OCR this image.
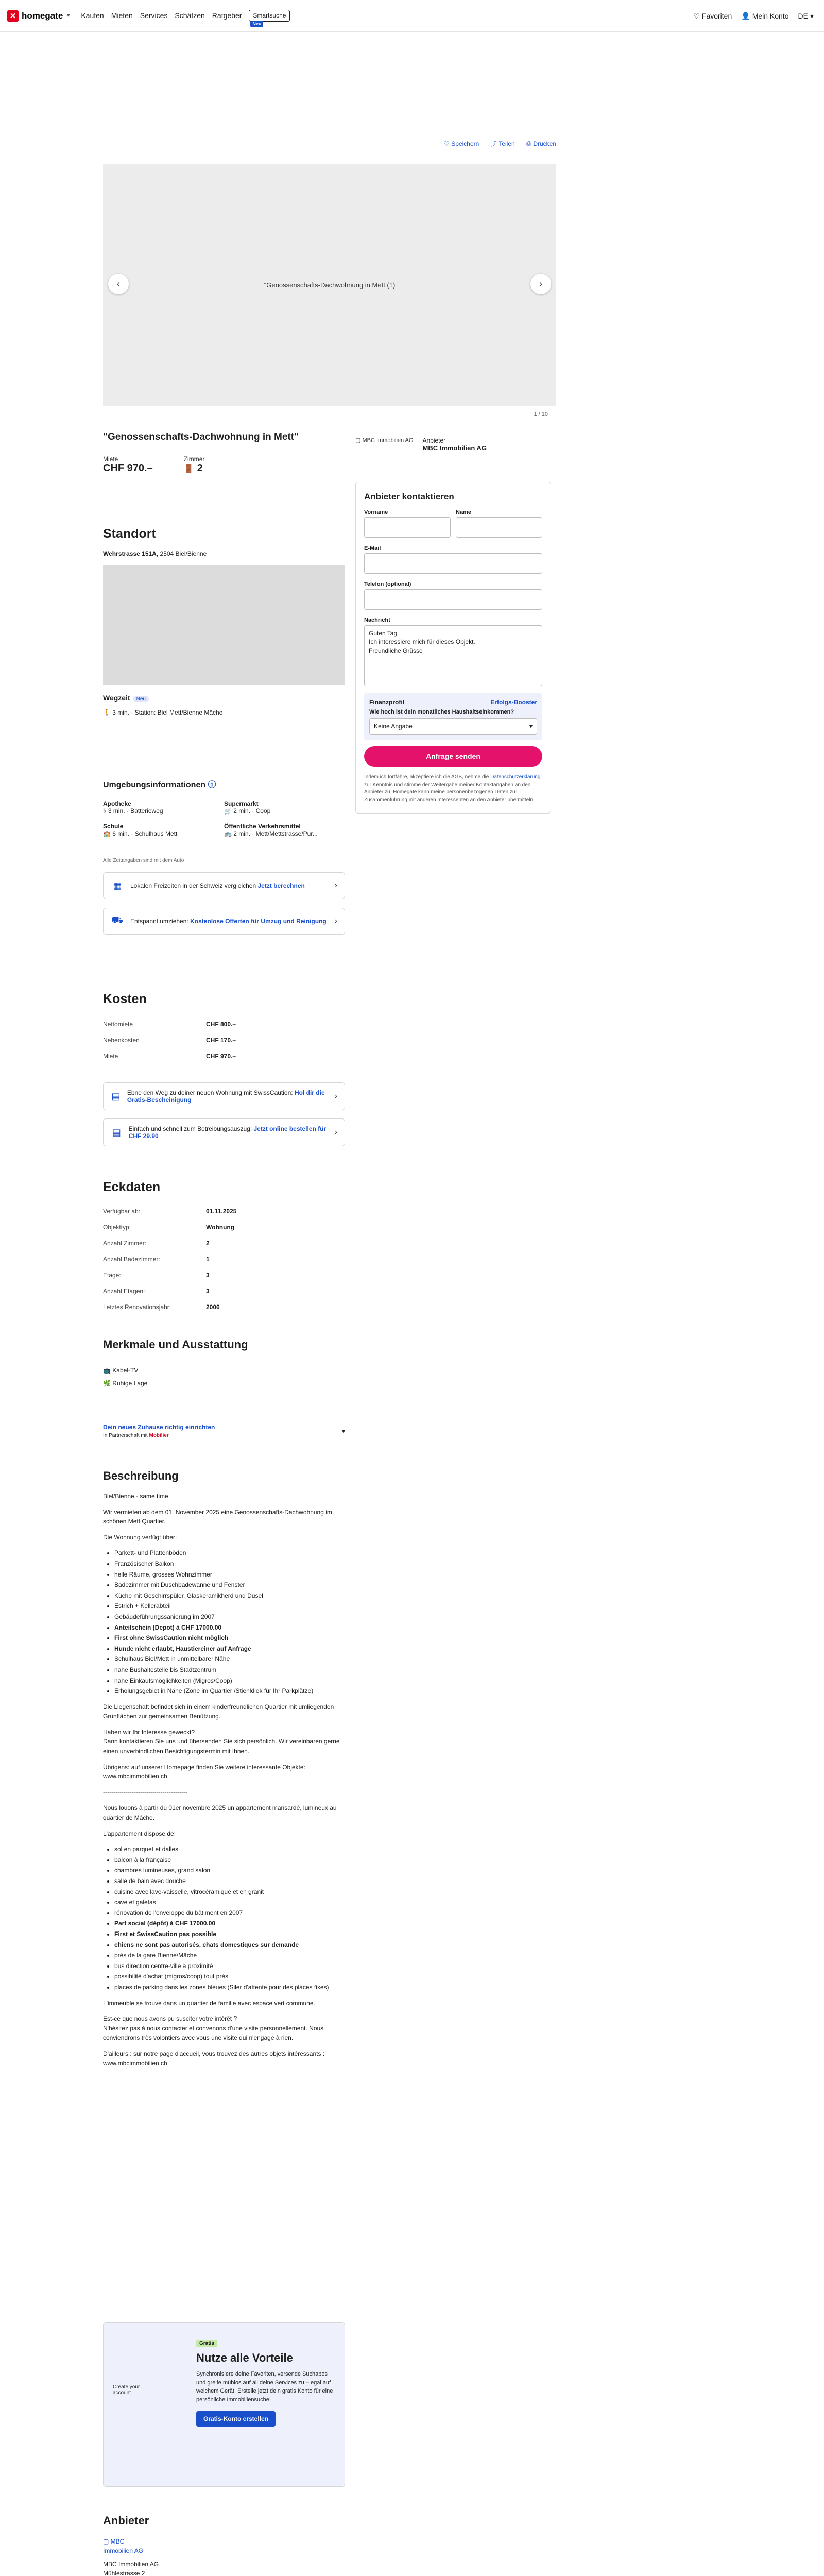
✕ homegate ▾ Kaufen Mieten Services Schätzen Ratgeber	Smartsuche
Neu
♡ Favoriten 👤 Mein Konto DE ▾
♡ Speichern ⤴ Teilen ⎙ Drucken
"Genossenschafts-Dachwohnung in Mett (1)
‹	›
1 / 10
"Genossenschafts-Dachwohnung in Mett"
Miete
CHF 970.–
Zimmer
🚪 2
▢ MBC Immobilien AG Anbieter
MBC Immobilien AG
Anbieter kontaktieren
Vorname	Name
E-Mail
Telefon (optional)
Nachricht
Guten Tag
Ich interessiere mich für dieses Objekt.
Freundliche Grüsse
Finanzprofil	Erfolgs-Booster
Wie hoch ist dein monatliches Haushaltseinkommen?
Keine Angabe	▾
Anfrage senden

Indem ich fortfahre, akzeptiere ich die AGB, nehme die Datenschutzerklärung zur Kenntnis und stimme der Weitergabe meiner Kontaktangaben an den Anbieter zu. Homegate kann meine personenbezogenen Daten zur Zusammenführung mit anderen Interessenten an den Anbieter übermitteln.

Standort
Wehrstrasse 151A, 2504 Biel/Bienne
Wegzeit Neu
🚶 3 min. · Station: Biel Mett/Bienne Mâche
Umgebungsinformationen ⓘ
Apotheke
⚕ 3 min. · Batterieweg
Supermarkt
🛒 2 min. · Coop
Schule
🏫 6 min. · Schulhaus Mett
Öffentliche Verkehrsmittel
🚌 2 min. · Mett/Mettstrasse/Pur...
Alle Zeitangaben sind mit dem Auto
▦	Lokalen Freizeiten in der Schweiz vergleichen Jetzt berechnen	›
⛟ Entspannt umziehen: Kostenlose Offerten für Umzug und Reinigung ›
Kosten
Nettomiete	CHF 800.–
Nebenkosten	CHF 170.–
Miete	CHF 970.–
▤ Ebne den Weg zu deiner neuen Wohnung mit SwissCaution: Hol dir die Gratis-Bescheinigung	›
▤ Einfach und schnell zum Betreibungsauszug: Jetzt online bestellen für CHF 29.90	›
Eckdaten
Verfügbar ab:	01.11.2025
Objekttyp:	Wohnung
Anzahl Zimmer:	2
Anzahl Badezimmer:	1
Etage:	3
Anzahl Etagen:	3
Letztes Renovationsjahr:	2006
Merkmale und Ausstattung
📺 Kabel-TV
🌿 Ruhige Lage
Dein neues Zuhause richtig einrichten
In Partnerschaft mit Mobilier
▾
Beschreibung

Biel/Bienne - same time

Wir vermieten ab dem 01. November 2025 eine Genossenschafts-Dachwohnung im schönen Mett Quartier.

Die Wohnung verfügt über:

• Parkett- und Plattenböden
• Französischer Balkon
• helle Räume, grosses Wohnzimmer
• Badezimmer mit Duschbadewanne und Fenster
• Küche mit Geschirrspüler, Glaskeramikherd und Dusel
• Estrich + Kellerabteil
• Gebäudeführungssanierung im 2007
• Anteilschein (Depot) à CHF 17000.00
• First ohne SwissCaution nicht möglich
• Hunde nicht erlaubt, Haustiereiner auf Anfrage
• Schulhaus Biel/Mett in unmittelbarer Nähe
• nahe Bushaltestelle bis Stadtzentrum
• nahe Einkaufsmöglichkeiten (Migros/Coop)
• Erholungsgebiet in Nähe (Zone im Quartier /Stiehldiek für Ihr Parkplätze)

Die Liegenschaft befindet sich in einem kinderfreundlichen Quartier mit umliegenden Grünflächen zur gemeinsamen Benützung.

Haben wir Ihr Interesse geweckt?
Dann kontaktieren Sie uns und übersenden Sie sich persönlich. Wir vereinbaren gerne einen unverbindlichen Besichtigungstermin mit Ihnen.

Übrigens: auf unserer Homepage finden Sie weitere interessante Objekte: www.mbcimmobilien.ch

-----------------------------------------

Nous louons à partir du 01er novembre 2025 un appartement mansardé, lumineux au quartier de Mâche.

L'appartement dispose de:

• sol en parquet et dalles
• balcon à la française
• chambres lumineuses, grand salon
• salle de bain avec douche
• cuisine avec lave-vaisselle, vitrocéramique et en granit
• cave et galetas
• rénovation de l'enveloppe du bâtiment en 2007
• Part social (dépôt) à CHF 17000.00
• First et SwissCaution pas possible
• chiens ne sont pas autorisés, chats domestiques sur demande
• près de la gare Bienne/Mâche
• bus direction centre-ville à proximité
• possibilité d'achat (migros/coop) tout près
• places de parking dans les zones bleues (Siler d'attente pour des places fixes)

L'immeuble se trouve dans un quartier de famille avec espace vert commune.

Est-ce que nous avons pu susciter votre intérêt ?
N'hésitez pas à nous contacter et convenons d'une visite personnellement. Nous conviendrons très volontiers avec vous une visite qui n'engage à rien.

D'ailleurs : sur notre page d'accueil, vous trouvez des autres objets intéressants : www.mbcimmobilien.ch

Create your account
Gratis
Nutze alle Vorteile

Synchronisiere deine Favoriten, versende Suchabos und greife mühlos auf all deine Services zu – egal auf welchem Gerät. Erstelle jetzt dein gratis Konto für eine persönliche Immobiliensuche!

Gratis-Konto erstellen
Anbieter
▢ MBC Immobilien AG
MBC Immobilien AG
Mühlestrasse 2
